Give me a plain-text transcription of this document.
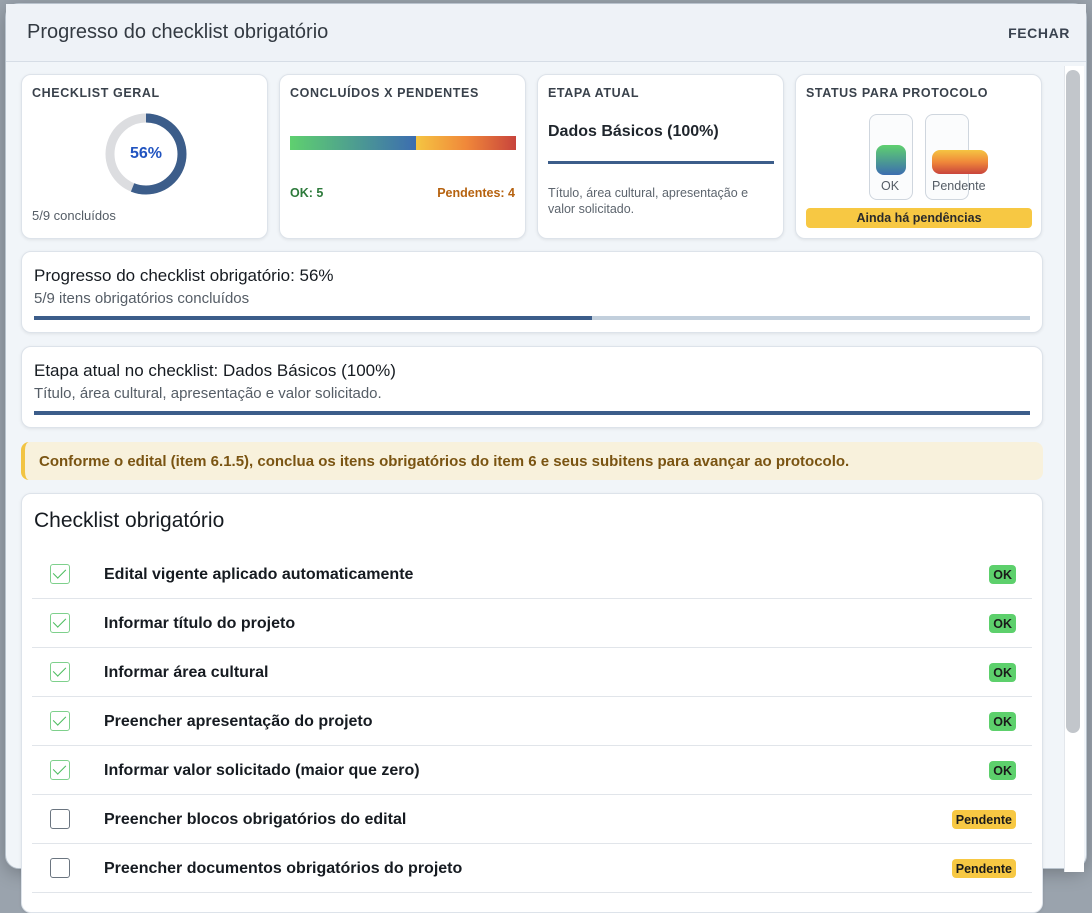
Progresso do checklist obrigatório	FECHAR
CHECKLIST GERAL
56%
5/9 concluídos
CONCLUÍDOS X PENDENTES
OK: 5	Pendentes: 4
ETAPA ATUAL
Dados Básicos (100%)
Título, área cultural, apresentação e valor solicitado.
STATUS PARA PROTOCOLO
OK	Pendente
Ainda há pendências
Progresso do checklist obrigatório: 56%
5/9 itens obrigatórios concluídos
Etapa atual no checklist: Dados Básicos (100%)
Título, área cultural, apresentação e valor solicitado.
Conforme o edital (item 6.1.5), conclua os itens obrigatórios do item 6 e seus subitens para avançar ao protocolo.
Checklist obrigatório
Edital vigente aplicado automaticamente	OK
Informar título do projeto	OK
Informar área cultural	OK
Preencher apresentação do projeto	OK
Informar valor solicitado (maior que zero)	OK
Preencher blocos obrigatórios do edital	Pendente
Preencher documentos obrigatórios do projeto	Pendente
